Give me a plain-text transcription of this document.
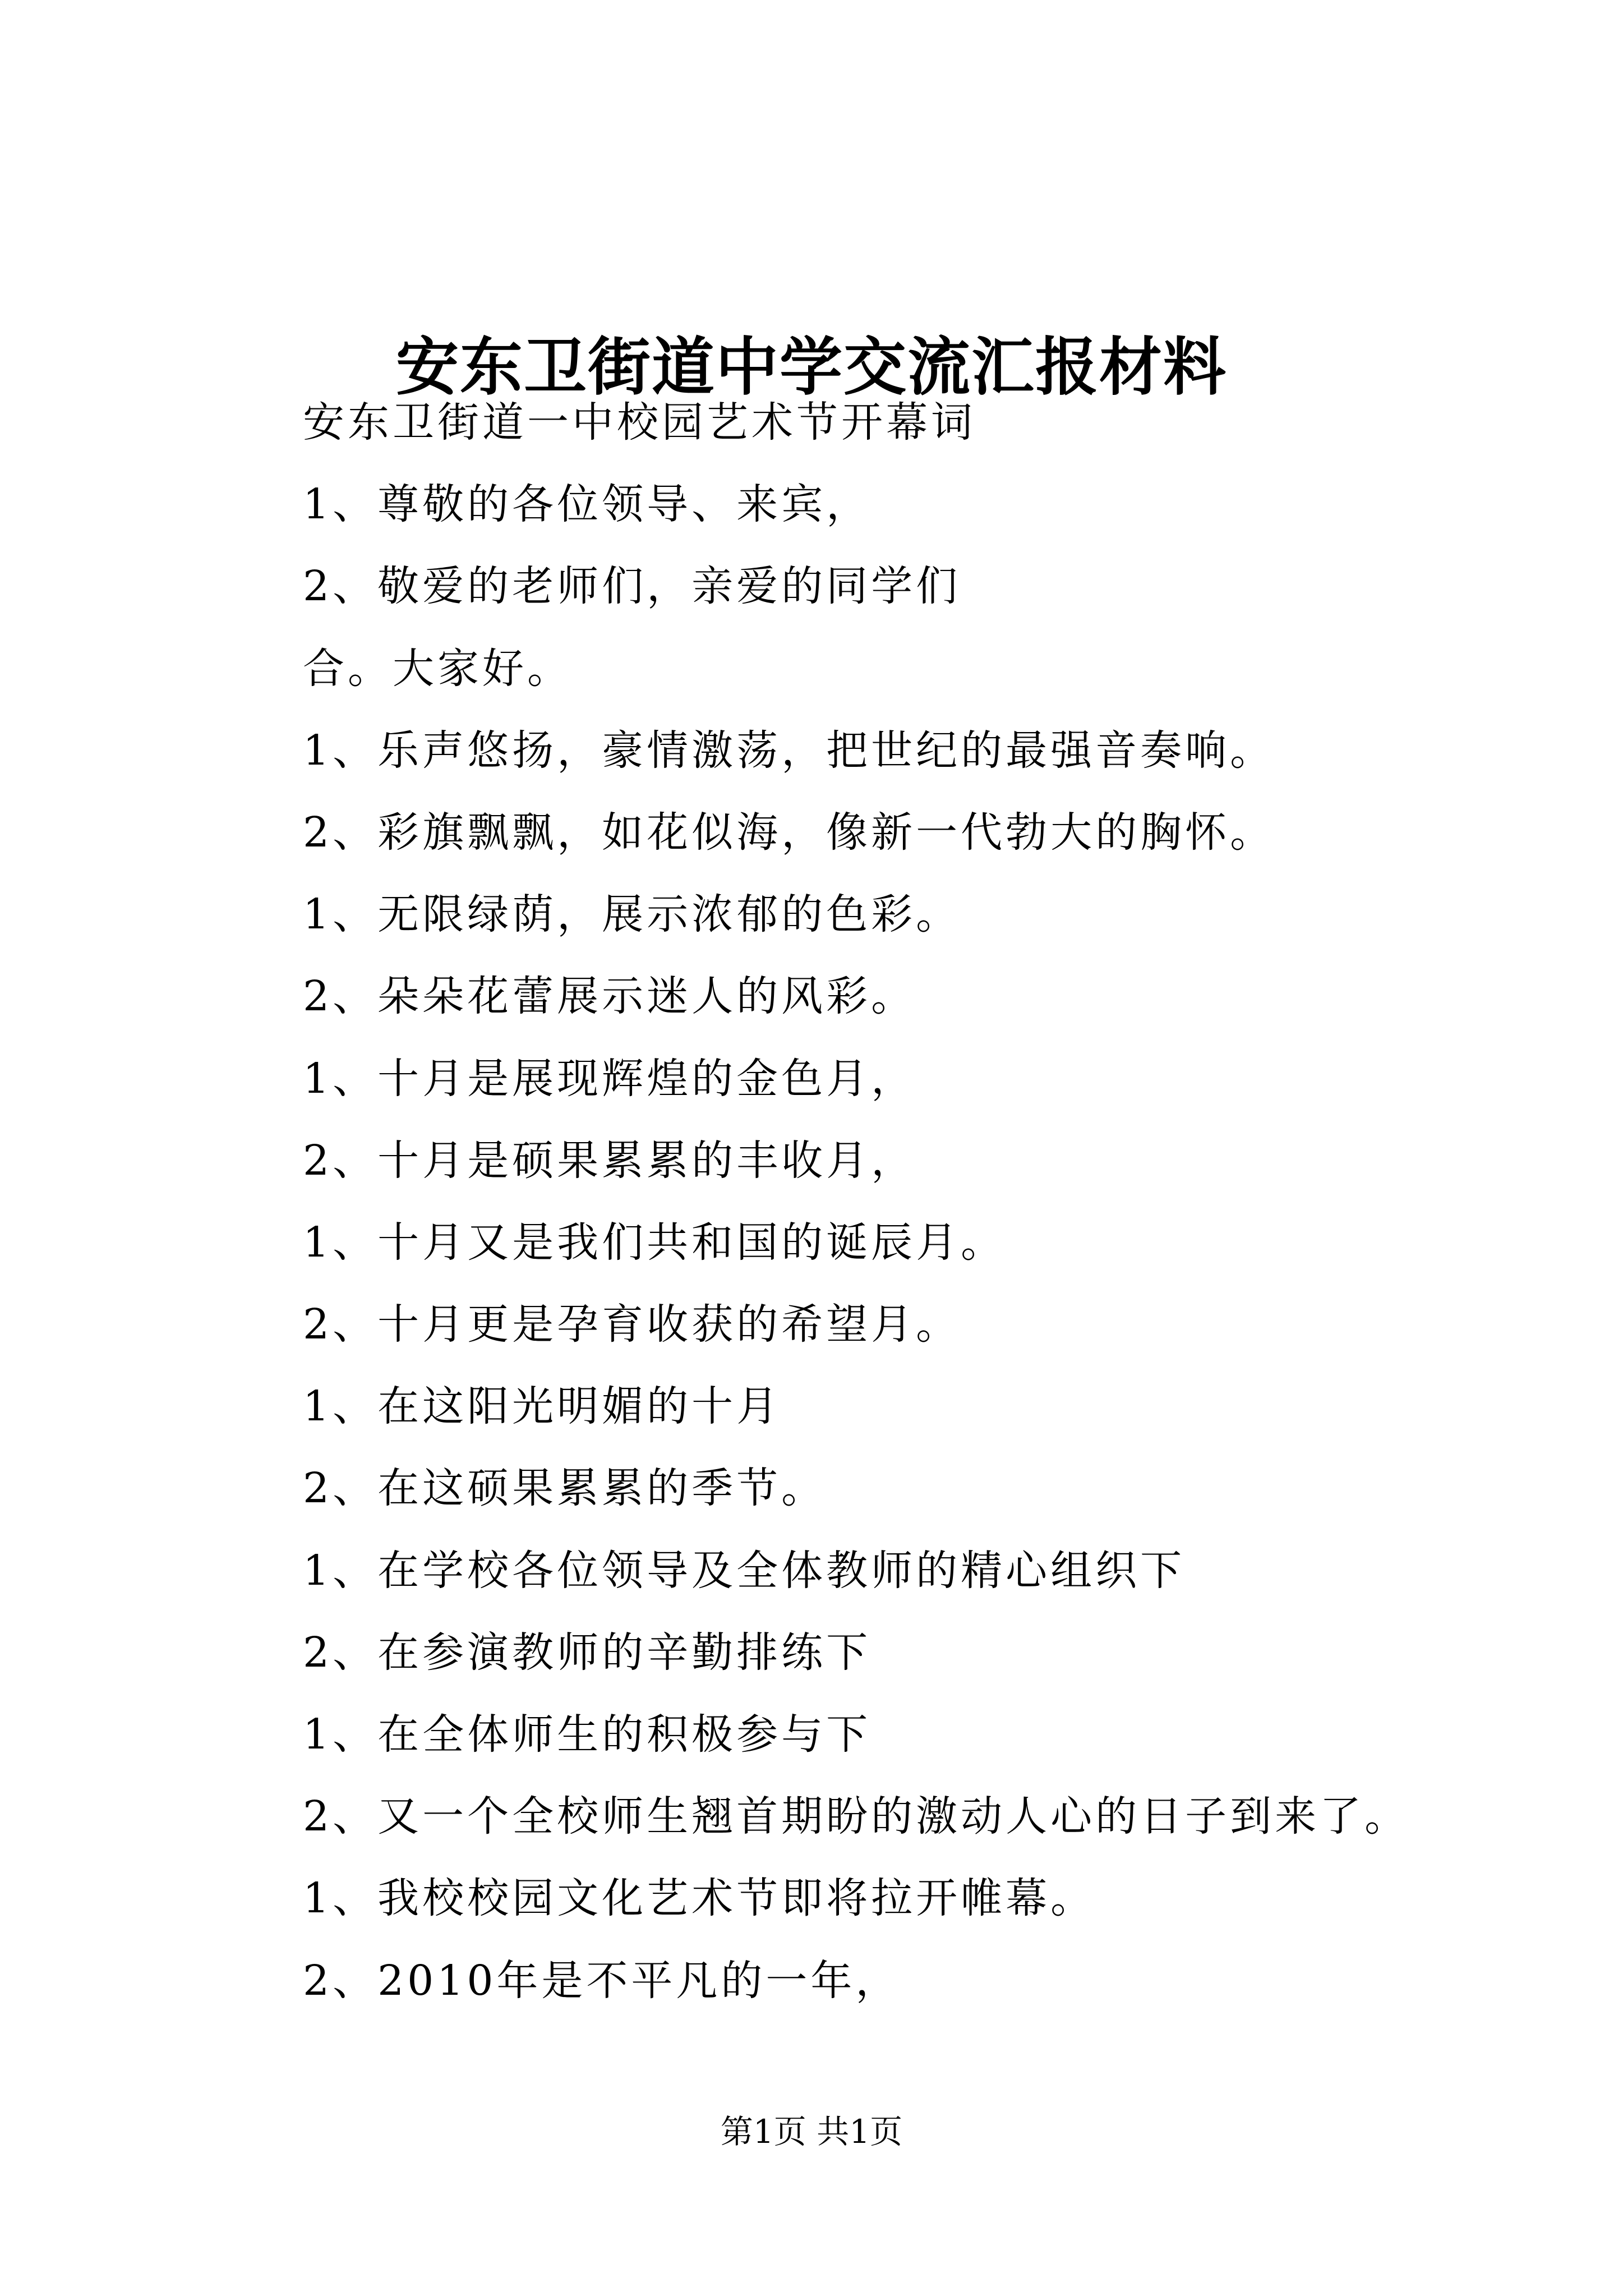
安东卫街道中学交流汇报材料
安东卫街道一中校园艺术节开幕词
1、尊敬的各位领导、来宾，
2、敬爱的老师们，亲爱的同学们
合。大家好。
1、乐声悠扬，豪情激荡，把世纪的最强音奏响。
2、彩旗飘飘，如花似海，像新一代勃大的胸怀。
1、无限绿荫，展示浓郁的色彩。
2、朵朵花蕾展示迷人的风彩。
1、十月是展现辉煌的金色月，
2、十月是硕果累累的丰收月，
1、十月又是我们共和国的诞辰月。
2、十月更是孕育收获的希望月。
1、在这阳光明媚的十月
2、在这硕果累累的季节。
1、在学校各位领导及全体教师的精心组织下
2、在参演教师的辛勤排练下
1、在全体师生的积极参与下
2、又一个全校师生翘首期盼的激动人心的日子到来了。
1、我校校园文化艺术节即将拉开帷幕。
2、2010年是不平凡的一年，
第1页 共1页
